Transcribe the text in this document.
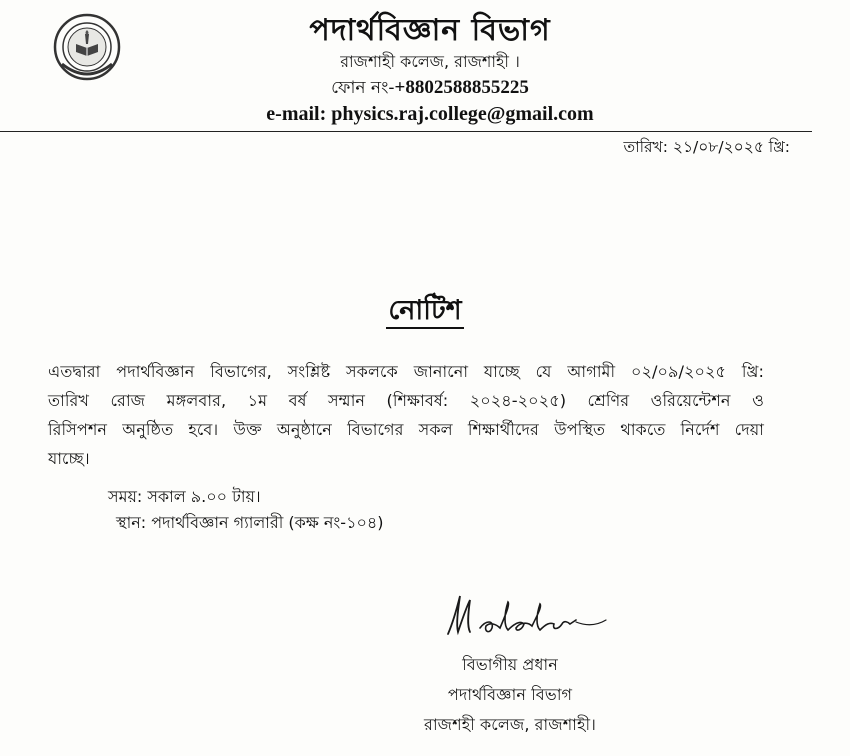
পদার্থবিজ্ঞান বিভাগ
রাজশাহী কলেজ, রাজশাহী ।
ফোন নং-+8802588855225
e-mail: physics.raj.college@gmail.com
তারিখ: ২১/০৮/২০২৫ খ্রি:
নোটিশ
এতদ্বারা পদার্থবিজ্ঞান বিভাগের, সংশ্লিষ্ট সকলকে জানানো যাচ্ছে যে আগামী ০২/০৯/২০২৫ খ্রি:
তারিখ রোজ মঙ্গলবার, ১ম বর্ষ সম্মান (শিক্ষাবর্ষ: ২০২৪-২০২৫) শ্রেণির ওরিয়েন্টেশন ও
রিসিপশন অনুষ্ঠিত হবে। উক্ত অনুষ্ঠানে বিভাগের সকল শিক্ষার্থীদের উপস্থিত থাকতে নির্দেশ দেয়া
যাচ্ছে।
সময়: সকাল ৯.০০ টায়।
স্থান: পদার্থবিজ্ঞান গ্যালারী (কক্ষ নং-১০৪)
বিভাগীয় প্রধান
পদার্থবিজ্ঞান বিভাগ
রাজশহী কলেজ, রাজশাহী।
